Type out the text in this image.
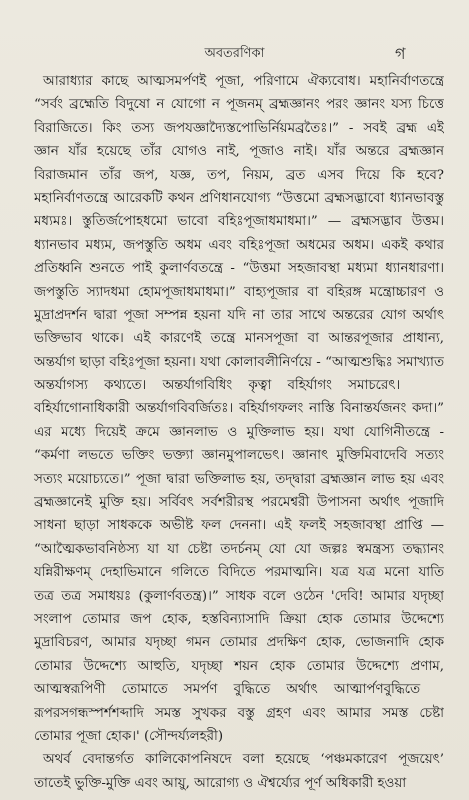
অবতরণিকা	গ
আরাধ্যার কাছে আত্মসমর্পণই পূজা, পরিণামে ঐক্যবোধ। মহানির্বাণতন্ত্রে
“সর্বং ব্রহ্মেতি বিদুষো ন যোগো ন পূজনম্ ব্রহ্মজ্ঞানং পরং জ্ঞানং যস্য চিত্তে
বিরাজিতে। কিং তস্য জপযজ্ঞাদ্যৈস্তপোভির্নিয়মব্রতৈঃ।” - সবই ব্রহ্ম এই
জ্ঞান যাঁর হয়েছে তাঁর যোগও নাই, পূজাও নাই। যাঁর অন্তরে ব্রহ্মজ্ঞান
বিরাজমান তাঁর জপ, যজ্ঞ, তপ, নিয়ম, ব্রত এসব দিয়ে কি হবে?
মহানির্বাণতন্ত্রে আরেকটি কথন প্রণিধানযোগ্য “উত্তমো ব্রহ্মসদ্ভাবো ধ্যানভাবস্তু
মধ্যমঃ। স্তুতির্জপোহধমো ভাবো বহিঃপূজাধমাধমা।” — ব্রহ্মসদ্ভাব উত্তম।
ধ্যানভাব মধ্যম, জপস্তুতি অধম এবং বহিঃপূজা অধমের অধম। একই কথার
প্রতিধ্বনি শুনতে পাই কুলার্ণবতন্ত্রে - “উত্তমা সহজাবস্থা মধ্যমা ধ্যানধারণা।
জপস্তুতি স্যাদধমা হোমপূজাধমাধমা।” বাহ্যপূজার বা বহিরঙ্গ মন্ত্রোচ্চারণ ও
মুদ্রাপ্রদর্শন দ্বারা পূজা সম্পন্ন হয়না যদি না তার সাথে অন্তরের যোগ অর্থাৎ
ভক্তিভাব থাকে। এই কারণেই তন্ত্রে মানসপূজা বা আন্তরপূজার প্রাধান্য,
অন্তর্যাগ ছাড়া বহিঃপূজা হয়না। যথা কোলাবলীনির্ণয়ে - “আত্মশুদ্ধিঃ সমাখ্যাত
অন্তর্যাগস্য কথ্যতে। অন্তর্যাগবিধিং কৃত্বা বহির্যাগং সমাচরেৎ।
বহির্যাগোনাধিকারী অন্তর্যাগবিবর্জিতঃ। বহির্যাগফলং নাস্তি বিনান্তর্যজনং কদা।”
এর মধ্যে দিয়েই ক্রমে জ্ঞানলাভ ও মুক্তিলাভ হয়। যথা যোগিনীতন্ত্রে -
“কর্মণা লভতে ভক্তিং ভক্ত্যা জ্ঞানমুপালভেৎ। জ্ঞানাৎ মুক্তিমিবাদেবি সত্যং
সত্যং ময়োচ্যতে।” পূজা দ্বারা ভক্তিলাভ হয়, তদ্দ্বারা ব্রহ্মজ্ঞান লাভ হয় এবং
ব্রহ্মজ্ঞানেই মুক্তি হয়। সর্বিবৎ সর্বশরীরস্থ পরমেশ্বরী উপাসনা অর্থাৎ পূজাদি
সাধনা ছাড়া সাধককে অভীষ্ট ফল দেননা। এই ফলই সহজাবস্থা প্রাপ্তি —
“আত্মৈকভাবনিষ্ঠস্য যা যা চেষ্টা তদর্চনম্ যো যো জল্পঃ স্বমন্ত্রস্য তদ্ধ্যানং
যন্নিরীক্ষণম্ দেহাভিমানে গলিতে বিদিতে পরমাত্মনি। যত্র যত্র মনো যাতি
তত্র তত্র সমাধয়ঃ (কুলার্ণবতন্ত্র)।” সাধক বলে ওঠেন 'দেবি! আমার যদৃচ্ছা
সংলাপ তোমার জপ হোক, হস্তবিন্যাসাদি ক্রিয়া হোক তোমার উদ্দেশ্যে
মুদ্রাবিচরণ, আমার যদৃচ্ছা গমন তোমার প্রদক্ষিণ হোক, ভোজনাদি হোক
তোমার উদ্দেশ্যে আহুতি, যদৃচ্ছা শয়ন হোক তোমার উদ্দেশ্যে প্রণাম,
আত্মস্বরূপিণী তোমাতে সমর্পণ বুদ্ধিতে অর্থাৎ আত্মার্পণবুদ্ধিতে
রূপরসগন্ধস্পর্শশব্দাদি সমস্ত সুখকর বস্তু গ্রহণ এবং আমার সমস্ত চেষ্টা
তোমার পূজা হোক।' (সৌন্দর্য্যলহরী)
অথর্ব বেদান্তর্গত কালিকোপনিষদে বলা হয়েছে ‘পঞ্চমকারেণ পূজয়েৎ’
তাতেই ভুক্তি-মুক্তি এবং আয়ু, আরোগ্য ও ঐশ্বর্য্যের পূর্ণ অধিকারী হওয়া
